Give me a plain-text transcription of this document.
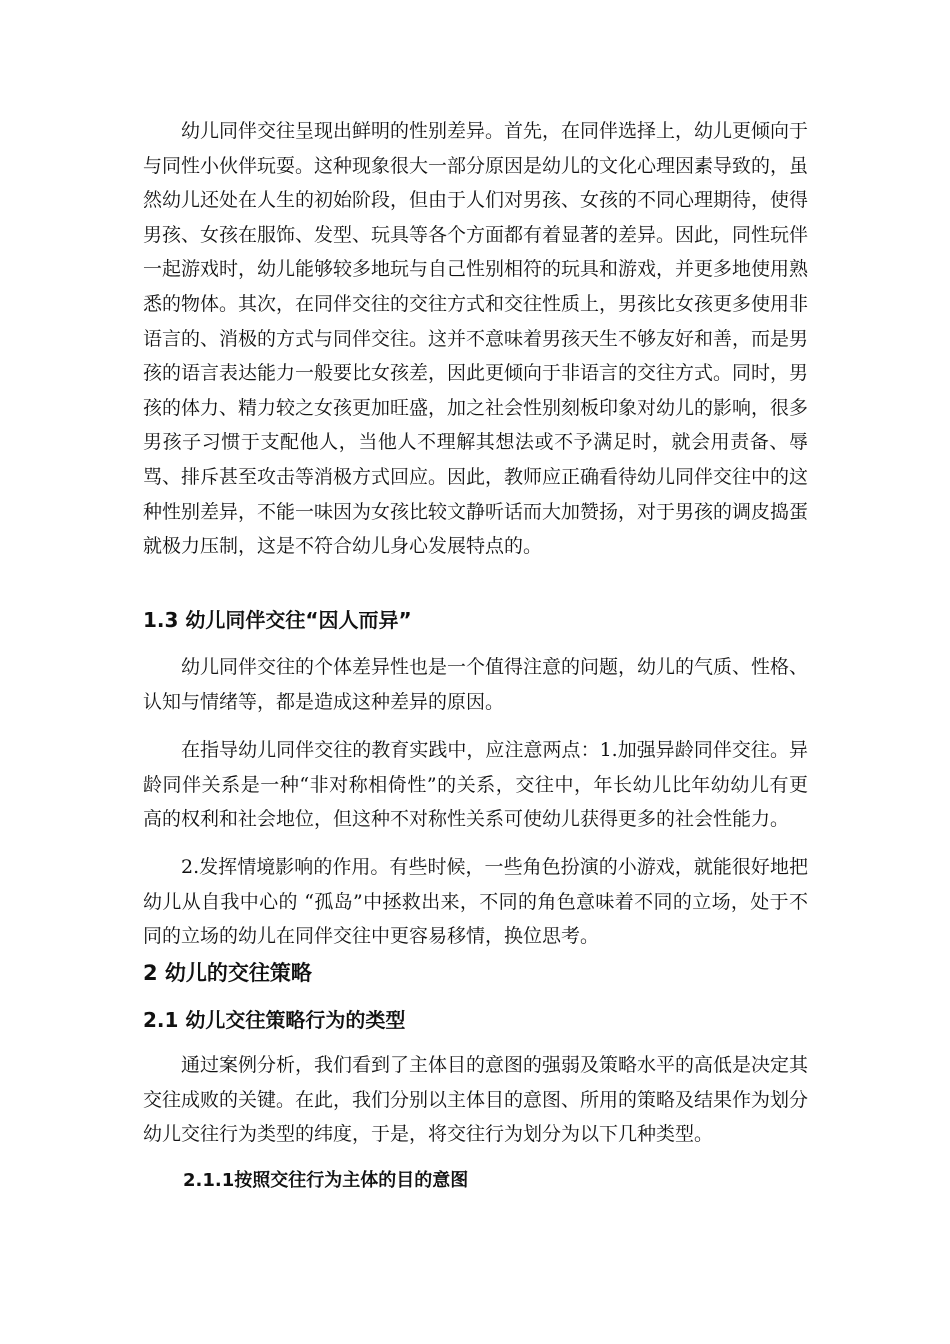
幼儿同伴交往呈现出鲜明的性别差异。首先，在同伴选择上，幼儿更倾向于与同性小伙伴玩耍。这种现象很大一部分原因是幼儿的文化心理因素导致的，虽然幼儿还处在人生的初始阶段，但由于人们对男孩、女孩的不同心理期待，使得男孩、女孩在服饰、发型、玩具等各个方面都有着显著的差异。因此，同性玩伴一起游戏时，幼儿能够较多地玩与自己性别相符的玩具和游戏，并更多地使用熟悉的物体。其次，在同伴交往的交往方式和交往性质上，男孩比女孩更多使用非语言的、消极的方式与同伴交往。这并不意味着男孩天生不够友好和善，而是男孩的语言表达能力一般要比女孩差，因此更倾向于非语言的交往方式。同时，男孩的体力、精力较之女孩更加旺盛，加之社会性别刻板印象对幼儿的影响，很多男孩子习惯于支配他人，当他人不理解其想法或不予满足时，就会用责备、辱骂、排斥甚至攻击等消极方式回应。因此，教师应正确看待幼儿同伴交往中的这种性别差异，不能一味因为女孩比较文静听话而大加赞扬，对于男孩的调皮捣蛋就极力压制，这是不符合幼儿身心发展特点的。

1.3 幼儿同伴交往“因人而异”

幼儿同伴交往的个体差异性也是一个值得注意的问题，幼儿的气质、性格、认知与情绪等，都是造成这种差异的原因。

在指导幼儿同伴交往的教育实践中，应注意两点：1.加强异龄同伴交往。异龄同伴关系是一种“非对称相倚性”的关系，交往中，年长幼儿比年幼幼儿有更高的权利和社会地位，但这种不对称性关系可使幼儿获得更多的社会性能力。

2.发挥情境影响的作用。有些时候，一些角色扮演的小游戏，就能很好地把幼儿从自我中心的 “孤岛”中拯救出来，不同的角色意味着不同的立场，处于不同的立场的幼儿在同伴交往中更容易移情，换位思考。

2 幼儿的交往策略
2.1 幼儿交往策略行为的类型

通过案例分析，我们看到了主体目的意图的强弱及策略水平的高低是决定其交往成败的关键。在此，我们分别以主体目的意图、所用的策略及结果作为划分幼儿交往行为类型的纬度，于是，将交往行为划分为以下几种类型。

2.1.1按照交往行为主体的目的意图
